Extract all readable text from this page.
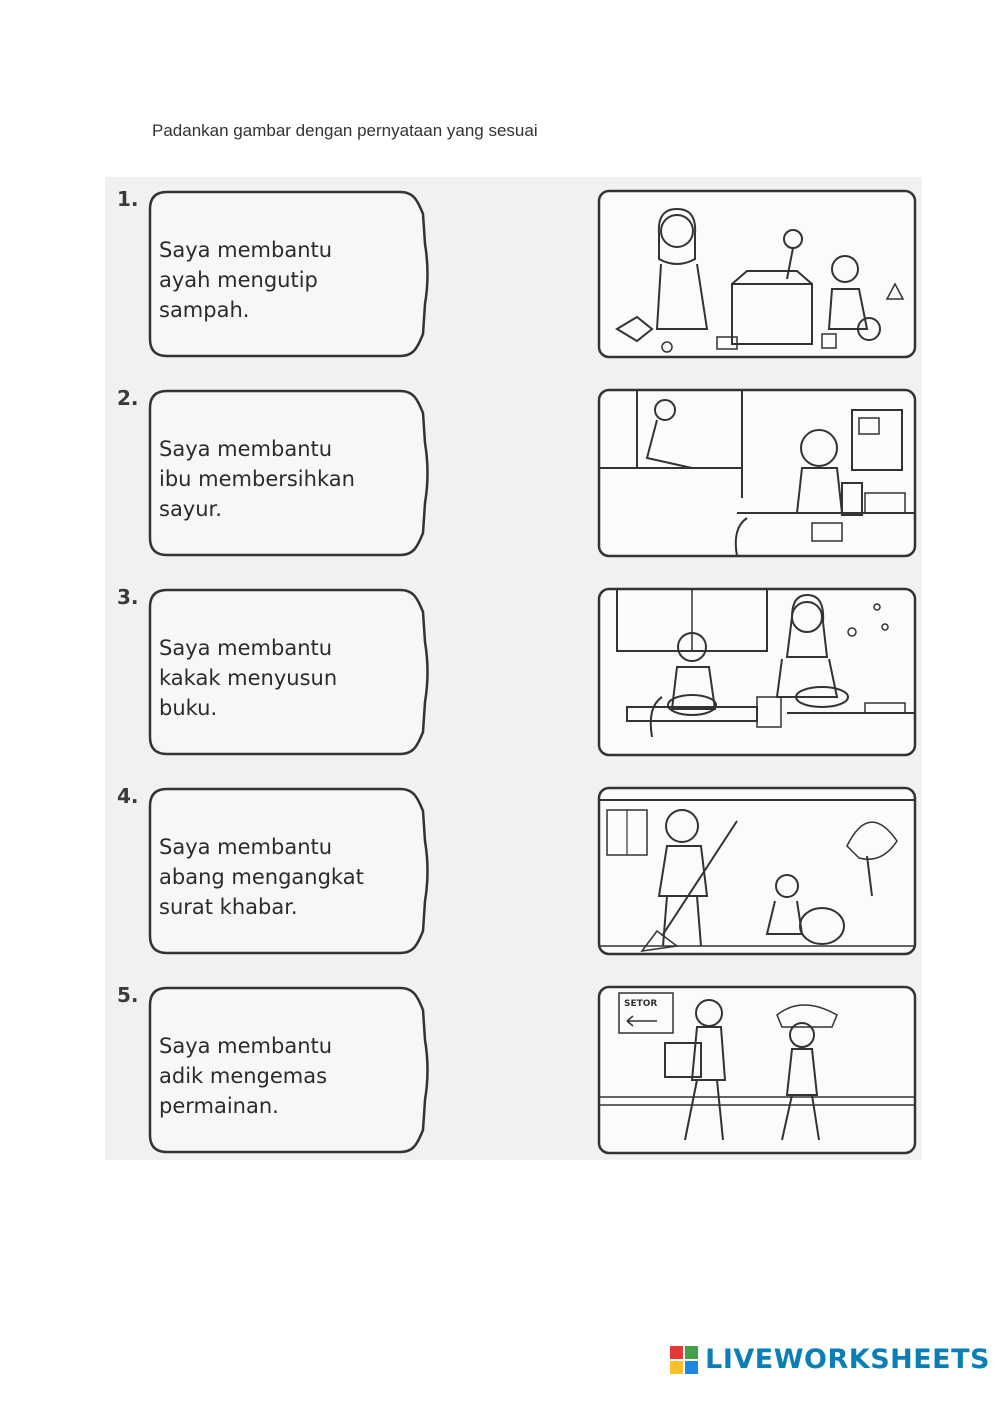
Padankan gambar dengan pernyataan yang sesuai
1.
Saya membantu
ayah mengutip
sampah.
2.
Saya membantu
ibu membersihkan
sayur.
3.
Saya membantu
kakak menyusun
buku.
4.
Saya membantu
abang mengangkat
surat khabar.
5.
Saya membantu
adik mengemas
permainan.
SETOR
LIVEWORKSHEETS
